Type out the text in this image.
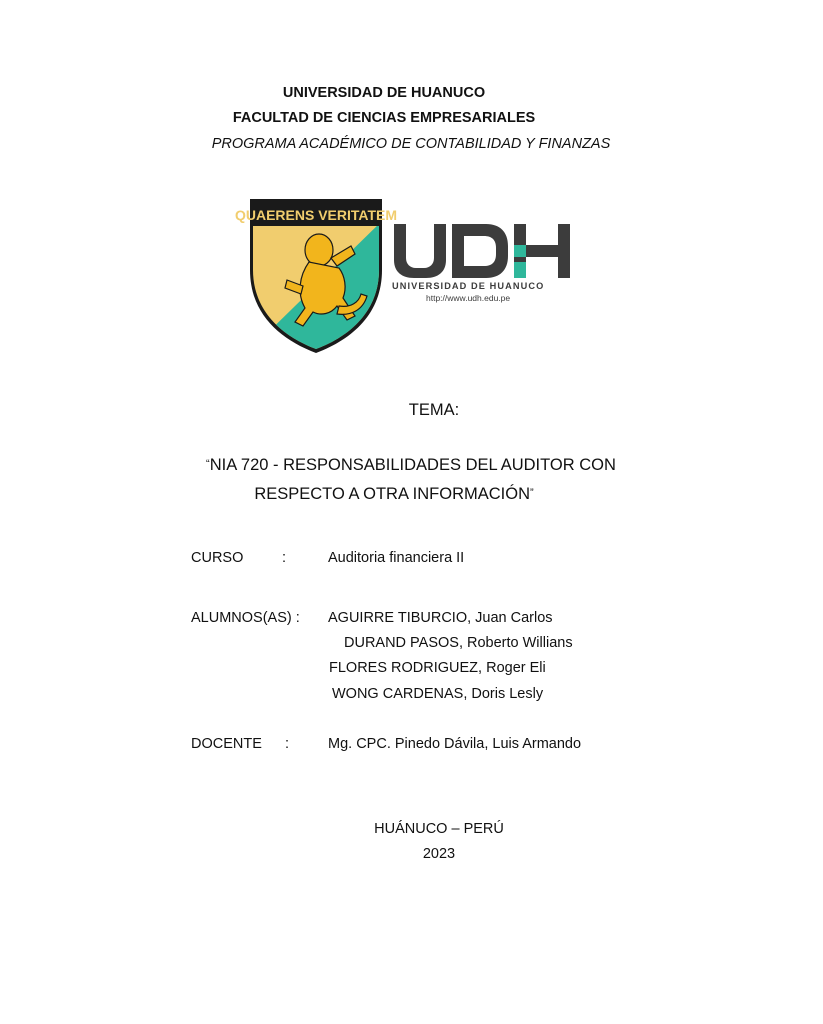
UNIVERSIDAD DE HUANUCO
FACULTAD DE CIENCIAS EMPRESARIALES
PROGRAMA ACADÉMICO DE CONTABILIDAD Y FINANZAS
QUAERENS VERITATEM
UNIVERSIDAD DE HUANUCO
http://www.udh.edu.pe
TEMA:
“NIA 720 - RESPONSABILIDADES DEL AUDITOR CON
RESPECTO A OTRA INFORMACIÓN”
CURSO	:	Auditoria financiera II
ALUMNOS(AS) : AGUIRRE TIBURCIO, Juan Carlos
DURAND PASOS, Roberto Willians
FLORES RODRIGUEZ, Roger Eli
WONG CARDENAS, Doris Lesly
DOCENTE :	Mg. CPC. Pinedo Dávila, Luis Armando
HUÁNUCO – PERÚ
2023
